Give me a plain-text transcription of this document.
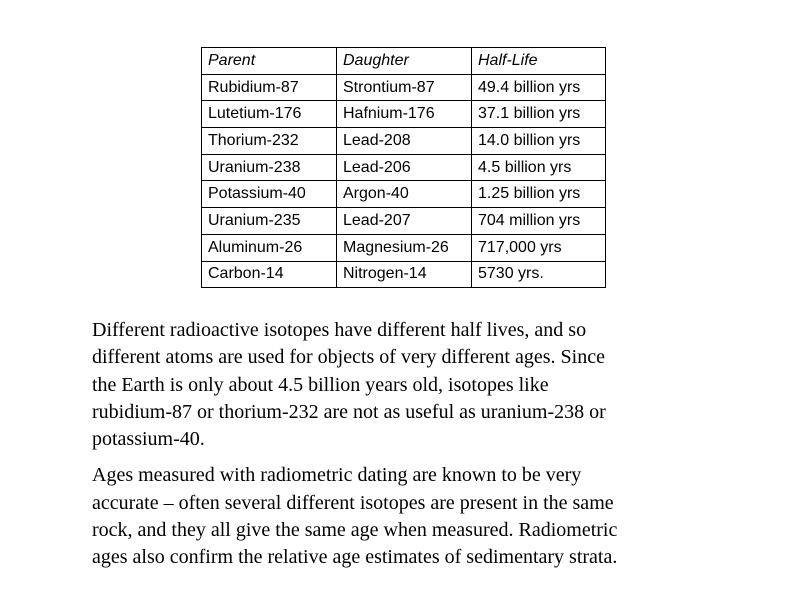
Parent	Daughter	Half-Life
Rubidium-87	Strontium-87	49.4 billion yrs
Lutetium-176	Hafnium-176	37.1 billion yrs
Thorium-232	Lead-208	14.0 billion yrs
Uranium-238	Lead-206	4.5 billion yrs
Potassium-40	Argon-40	1.25 billion yrs
Uranium-235	Lead-207	704 million yrs
Aluminum-26	Magnesium-26	717,000 yrs
Carbon-14	Nitrogen-14	5730 yrs.

Different radioactive isotopes have different half lives, and so
different atoms are used for objects of very different ages. Since
the Earth is only about 4.5 billion years old, isotopes like
rubidium-87 or thorium-232 are not as useful as uranium-238 or
potassium-40.

Ages measured with radiometric dating are known to be very
accurate – often several different isotopes are present in the same
rock, and they all give the same age when measured. Radiometric
ages also confirm the relative age estimates of sedimentary strata.
